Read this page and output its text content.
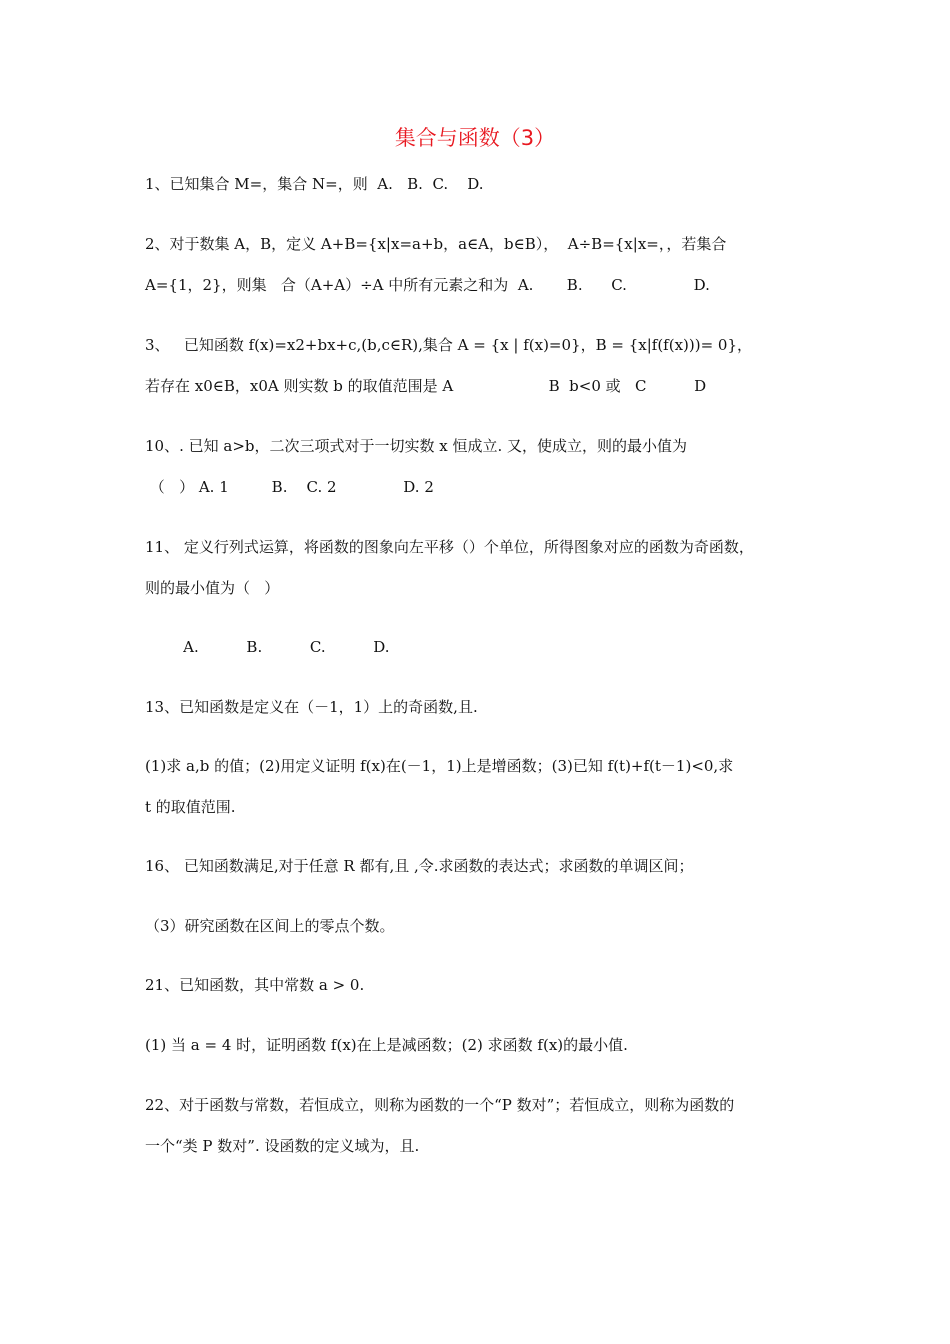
集合与函数（3）
1、已知集合 M=，集合 N=，则  A.   B.  C.    D.
2、对于数集 A，B，定义 A+B={x|x=a+b，a∈A，b∈B），  A÷B={x|x=，，若集合
A={1，2}，则集   合（A+A）÷A 中所有元素之和为  A.       B.      C.              D.
3、   已知函数 f(x)=x2+bx+c,(b,c∈R),集合 A = {x | f(x)=0}，B = {x|f(f(x)))= 0}，
若存在 x0∈B，x0A 则实数 b 的取值范围是 A                    B  b<0 或   C          D
10、. 已知 a>b，二次三项式对于一切实数 x 恒成立. 又，使成立，则的最小值为
（   ） A. 1         B.    C. 2              D. 2
11、 定义行列式运算，将函数的图象向左平移（）个单位，所得图象对应的函数为奇函数，
则的最小值为（   ）
A.          B.          C.          D.
13、已知函数是定义在（－1，1）上的奇函数,且.
(1)求 a,b 的值；(2)用定义证明 f(x)在(－1，1)上是增函数；(3)已知 f(t)+f(t－1)<0,求
t 的取值范围.
16、 已知函数满足,对于任意 R 都有,且 ,令.求函数的表达式；求函数的单调区间；
（3）研究函数在区间上的零点个数。
21、已知函数，其中常数 a > 0.
(1) 当 a = 4 时，证明函数 f(x)在上是减函数；(2) 求函数 f(x)的最小值.
22、对于函数与常数，若恒成立，则称为函数的一个“P 数对”；若恒成立，则称为函数的
一个“类 P 数对”. 设函数的定义域为，且.
